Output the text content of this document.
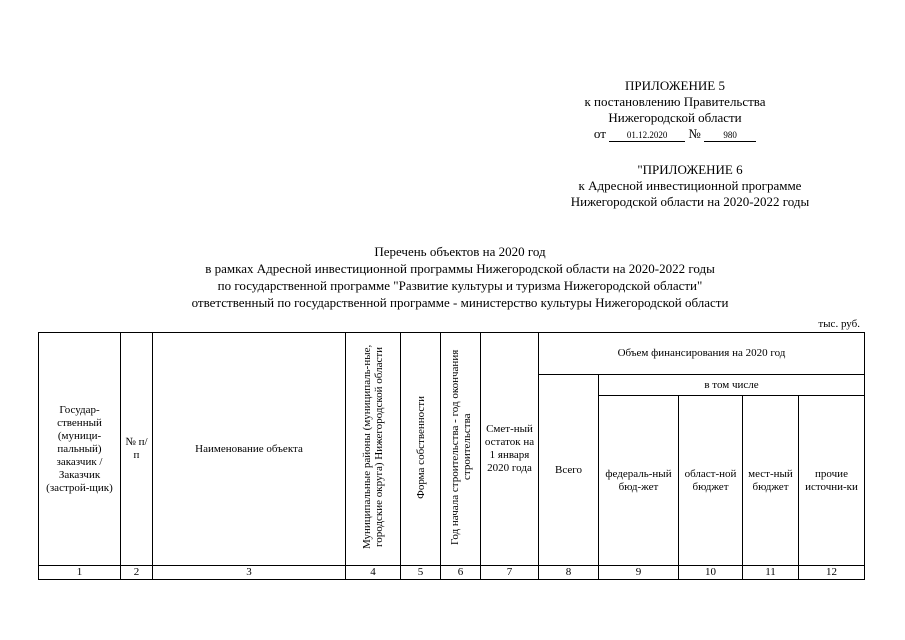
ПРИЛОЖЕНИЕ 5
к постановлению Правительства
Нижегородской области
от 01.12.2020 №	980
"ПРИЛОЖЕНИЕ 6
к Адресной инвестиционной программе
Нижегородской области на 2020-2022 годы
Перечень объектов на 2020 год
в рамках Адресной инвестиционной программы Нижегородской области на 2020-2022 годы
по государственной программе "Развитие культуры и туризма Нижегородской области"
ответственный по государственной программе - министерство культуры Нижегородской области
тыс. руб.
Государ-ственный (муници-пальный) заказчик / Заказчик (застрой-щик)	№ п/п	Наименование объекта	Муниципальные районы (муниципаль-ные, городские округа) Нижегородской области	Форма собственности	Год начала строительства - год окончания строительства	Смет-ный остаток на 1 января 2020 года	Объем финансирования на 2020 год				
							Всего	в том числе			
								федераль-ный бюд-жет	област-ной бюджет	мест-ный бюджет	прочие источни-ки
1	2	3	4	5	6	7	8	9	10	11	12
